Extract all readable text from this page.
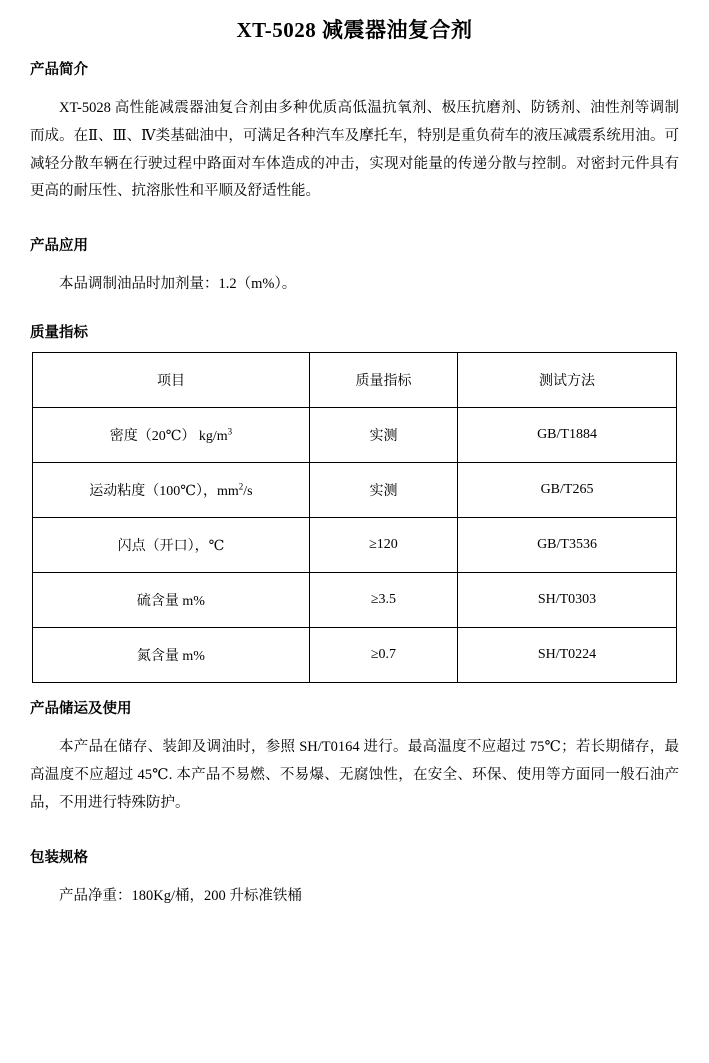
XT-5028 减震器油复合剂
产品简介

XT-5028 高性能减震器油复合剂由多种优质高低温抗氧剂、极压抗磨剂、防锈剂、油性剂等调制而成。在Ⅱ、Ⅲ、Ⅳ类基础油中，可满足各种汽车及摩托车，特别是重负荷车的液压减震系统用油。可减轻分散车辆在行驶过程中路面对车体造成的冲击，实现对能量的传递分散与控制。对密封元件具有更高的耐压性、抗溶胀性和平顺及舒适性能。

产品应用

本品调制油品时加剂量：1.2（m%）。

质量指标
项目	质量指标	测试方法
密度（20℃） $kg/m^3$	实测	GB/T1884
运动粘度（100℃），$mm^2/s$	实测	GB/T265
闪点（开口），℃	≥120	GB/T3536
硫含量 m%	≥3.5	SH/T0303
氮含量 m%	≥0.7	SH/T0224
产品储运及使用

本产品在储存、装卸及调油时，参照 SH/T0164 进行。最高温度不应超过 75℃；若长期储存，最高温度不应超过 45℃. 本产品不易燃、不易爆、无腐蚀性，在安全、环保、使用等方面同一般石油产品，不用进行特殊防护。

包装规格

产品净重：180Kg/桶，200 升标准铁桶
